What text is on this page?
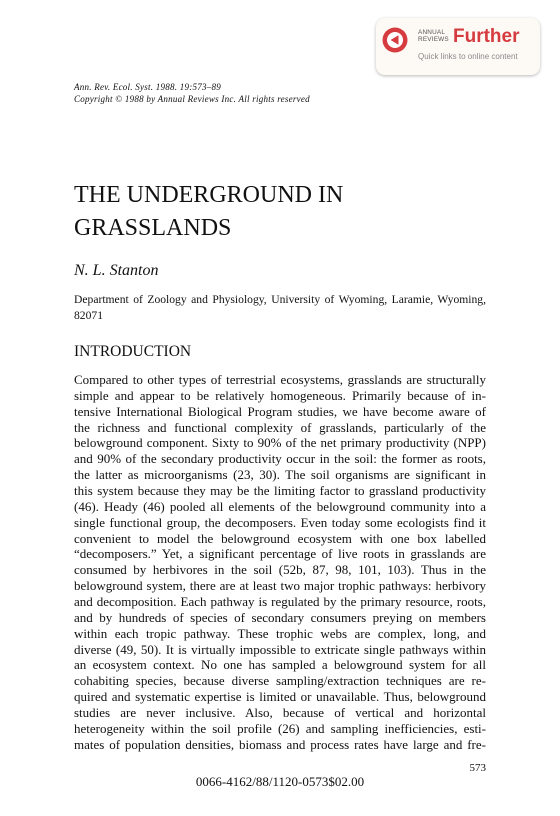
ANNUAL
REVIEWS Further
Quick links to online content
Ann. Rev. Ecol. Syst. 1988. 19:573–89
Copyright © 1988 by Annual Reviews Inc. All rights reserved
THE UNDERGROUND IN
GRASSLANDS
N. L. Stanton
Department of Zoology and Physiology, University of Wyoming, Laramie, Wyoming,
82071
INTRODUCTION
Compared to other types of terrestrial ecosystems, grasslands are structurally
simple and appear to be relatively homogeneous. Primarily because of in-
tensive International Biological Program studies, we have become aware of
the richness and functional complexity of grasslands, particularly of the
belowground component. Sixty to 90% of the net primary productivity (NPP)
and 90% of the secondary productivity occur in the soil: the former as roots,
the latter as microorganisms (23, 30). The soil organisms are significant in
this system because they may be the limiting factor to grassland productivity
(46). Heady (46) pooled all elements of the belowground community into a
single functional group, the decomposers. Even today some ecologists find it
convenient to model the belowground ecosystem with one box labelled
“decomposers.” Yet, a significant percentage of live roots in grasslands are
consumed by herbivores in the soil (52b, 87, 98, 101, 103). Thus in the
belowground system, there are at least two major trophic pathways: herbivory
and decomposition. Each pathway is regulated by the primary resource, roots,
and by hundreds of species of secondary consumers preying on members
within each tropic pathway. These trophic webs are complex, long, and
diverse (49, 50). It is virtually impossible to extricate single pathways within
an ecosystem context. No one has sampled a belowground system for all
cohabiting species, because diverse sampling/extraction techniques are re-
quired and systematic expertise is limited or unavailable. Thus, belowground
studies are never inclusive. Also, because of vertical and horizontal
heterogeneity within the soil profile (26) and sampling inefficiencies, esti-
mates of population densities, biomass and process rates have large and fre-
573
0066-4162/88/1120-0573$02.00
